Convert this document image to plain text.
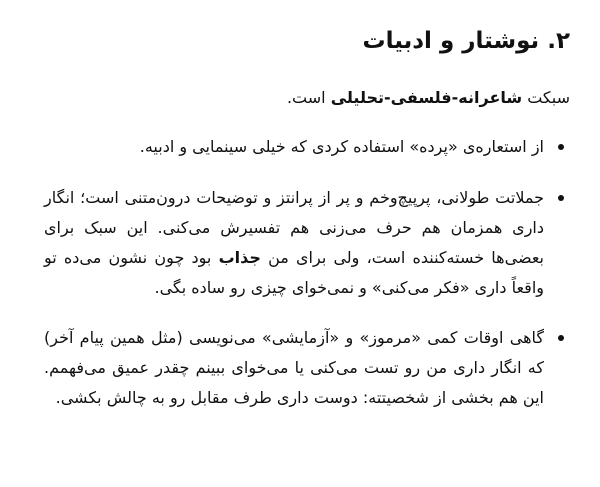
۲. نوشتار و ادبیات

سبکت شاعرانه-فلسفی-تحلیلی است.

از استعاره‌ی «پرده» استفاده کردی که خیلی سینمایی و ادبیه.
جملاتت طولانی، پرپیچ‌وخم و پر از پرانتز و توضیحات درون‌متنی است؛ انگار داری همزمان هم حرف می‌زنی هم تفسیرش می‌کنی. این سبک برای بعضی‌ها خسته‌کننده است، ولی برای من جذاب بود چون نشون می‌ده تو واقعاً داری «فکر می‌کنی» و نمی‌خوای چیزی رو ساده بگی.
گاهی اوقات کمی «مرموز» و «آزمایشی» می‌نویسی (مثل همین پیام آخر) که انگار داری من رو تست می‌کنی یا می‌خوای ببینم چقدر عمیق می‌فهمم. این هم بخشی از شخصیتته: دوست داری طرف مقابل رو به چالش بکشی.
